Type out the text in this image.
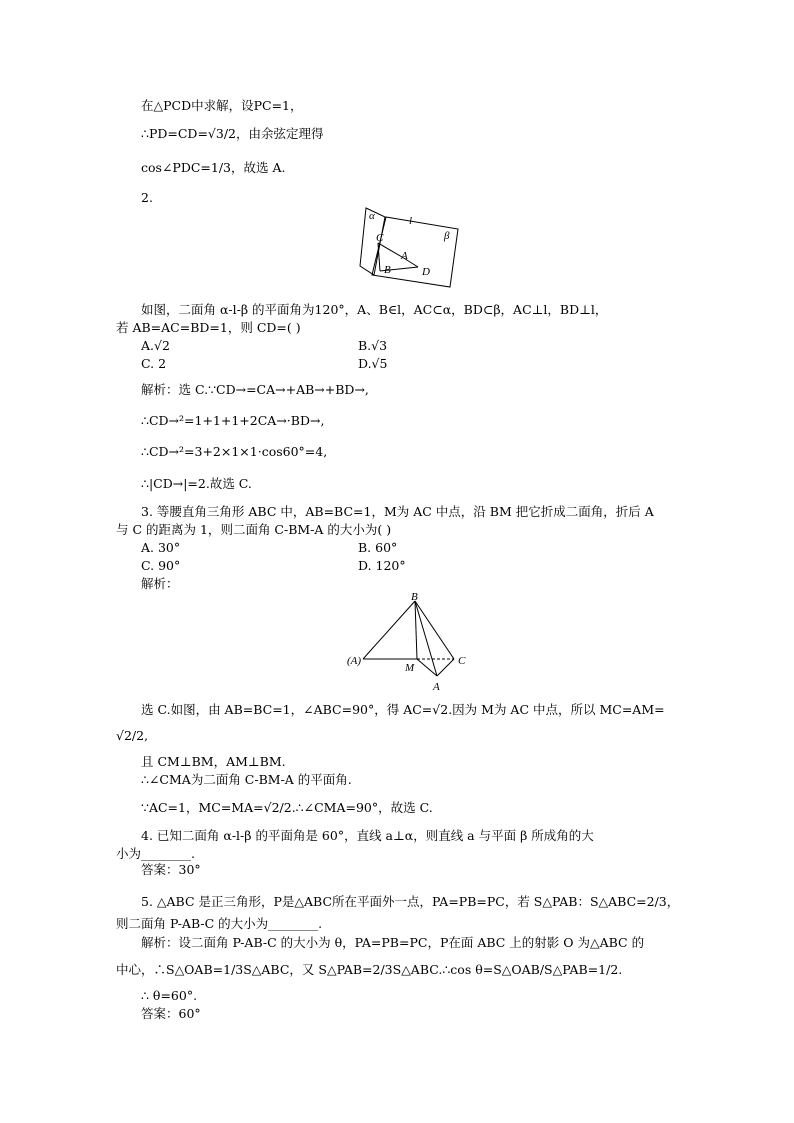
在△PCD中求解，设PC=1，
∴PD=CD=√3/2，由余弦定理得
cos∠PDC=1/3，故选 A.
2.
α	l
β
C
A
B	D
如图，二面角 α-l-β 的平面角为120°，A、B∈l，AC⊂α，BD⊂β，AC⊥l，BD⊥l，
若 AB=AC=BD=1，则 CD=( )
A.√2	B.√3
C. 2	D.√5
解析：选 C.∵CD→=CA→+AB→+BD→,
∴CD→²=1+1+1+2CA→·BD→,
∴CD→²=3+2×1×1·cos60°=4,
∴|CD→|=2.故选 C.
3. 等腰直角三角形 ABC 中，AB=BC=1，M为 AC 中点，沿 BM 把它折成二面角，折后 A
与 C 的距离为 1，则二面角 C-BM-A 的大小为( )
A. 30°	B. 60°
C. 90°	D. 120°
解析：
B
(A)
M
C
A
选 C.如图，由 AB=BC=1，∠ABC=90°，得 AC=√2.因为 M为 AC 中点，所以 MC=AM=
√2/2,
且 CM⊥BM，AM⊥BM.
∴∠CMA为二面角 C-BM-A 的平面角.
∵AC=1，MC=MA=√2/2.∴∠CMA=90°，故选 C.
4. 已知二面角 α-l-β 的平面角是 60°，直线 a⊥α，则直线 a 与平面 β 所成角的大
小为________.
答案：30°
5. △ABC 是正三角形，P是△ABC所在平面外一点，PA=PB=PC，若 S△PAB：S△ABC=2/3，
则二面角 P-AB-C 的大小为________.
解析：设二面角 P-AB-C 的大小为 θ，PA=PB=PC，P在面 ABC 上的射影 O 为△ABC 的
中心，∴S△OAB=1/3S△ABC，又 S△PAB=2/3S△ABC.∴cos θ=S△OAB/S△PAB=1/2.
∴ θ=60°.
答案：60°
